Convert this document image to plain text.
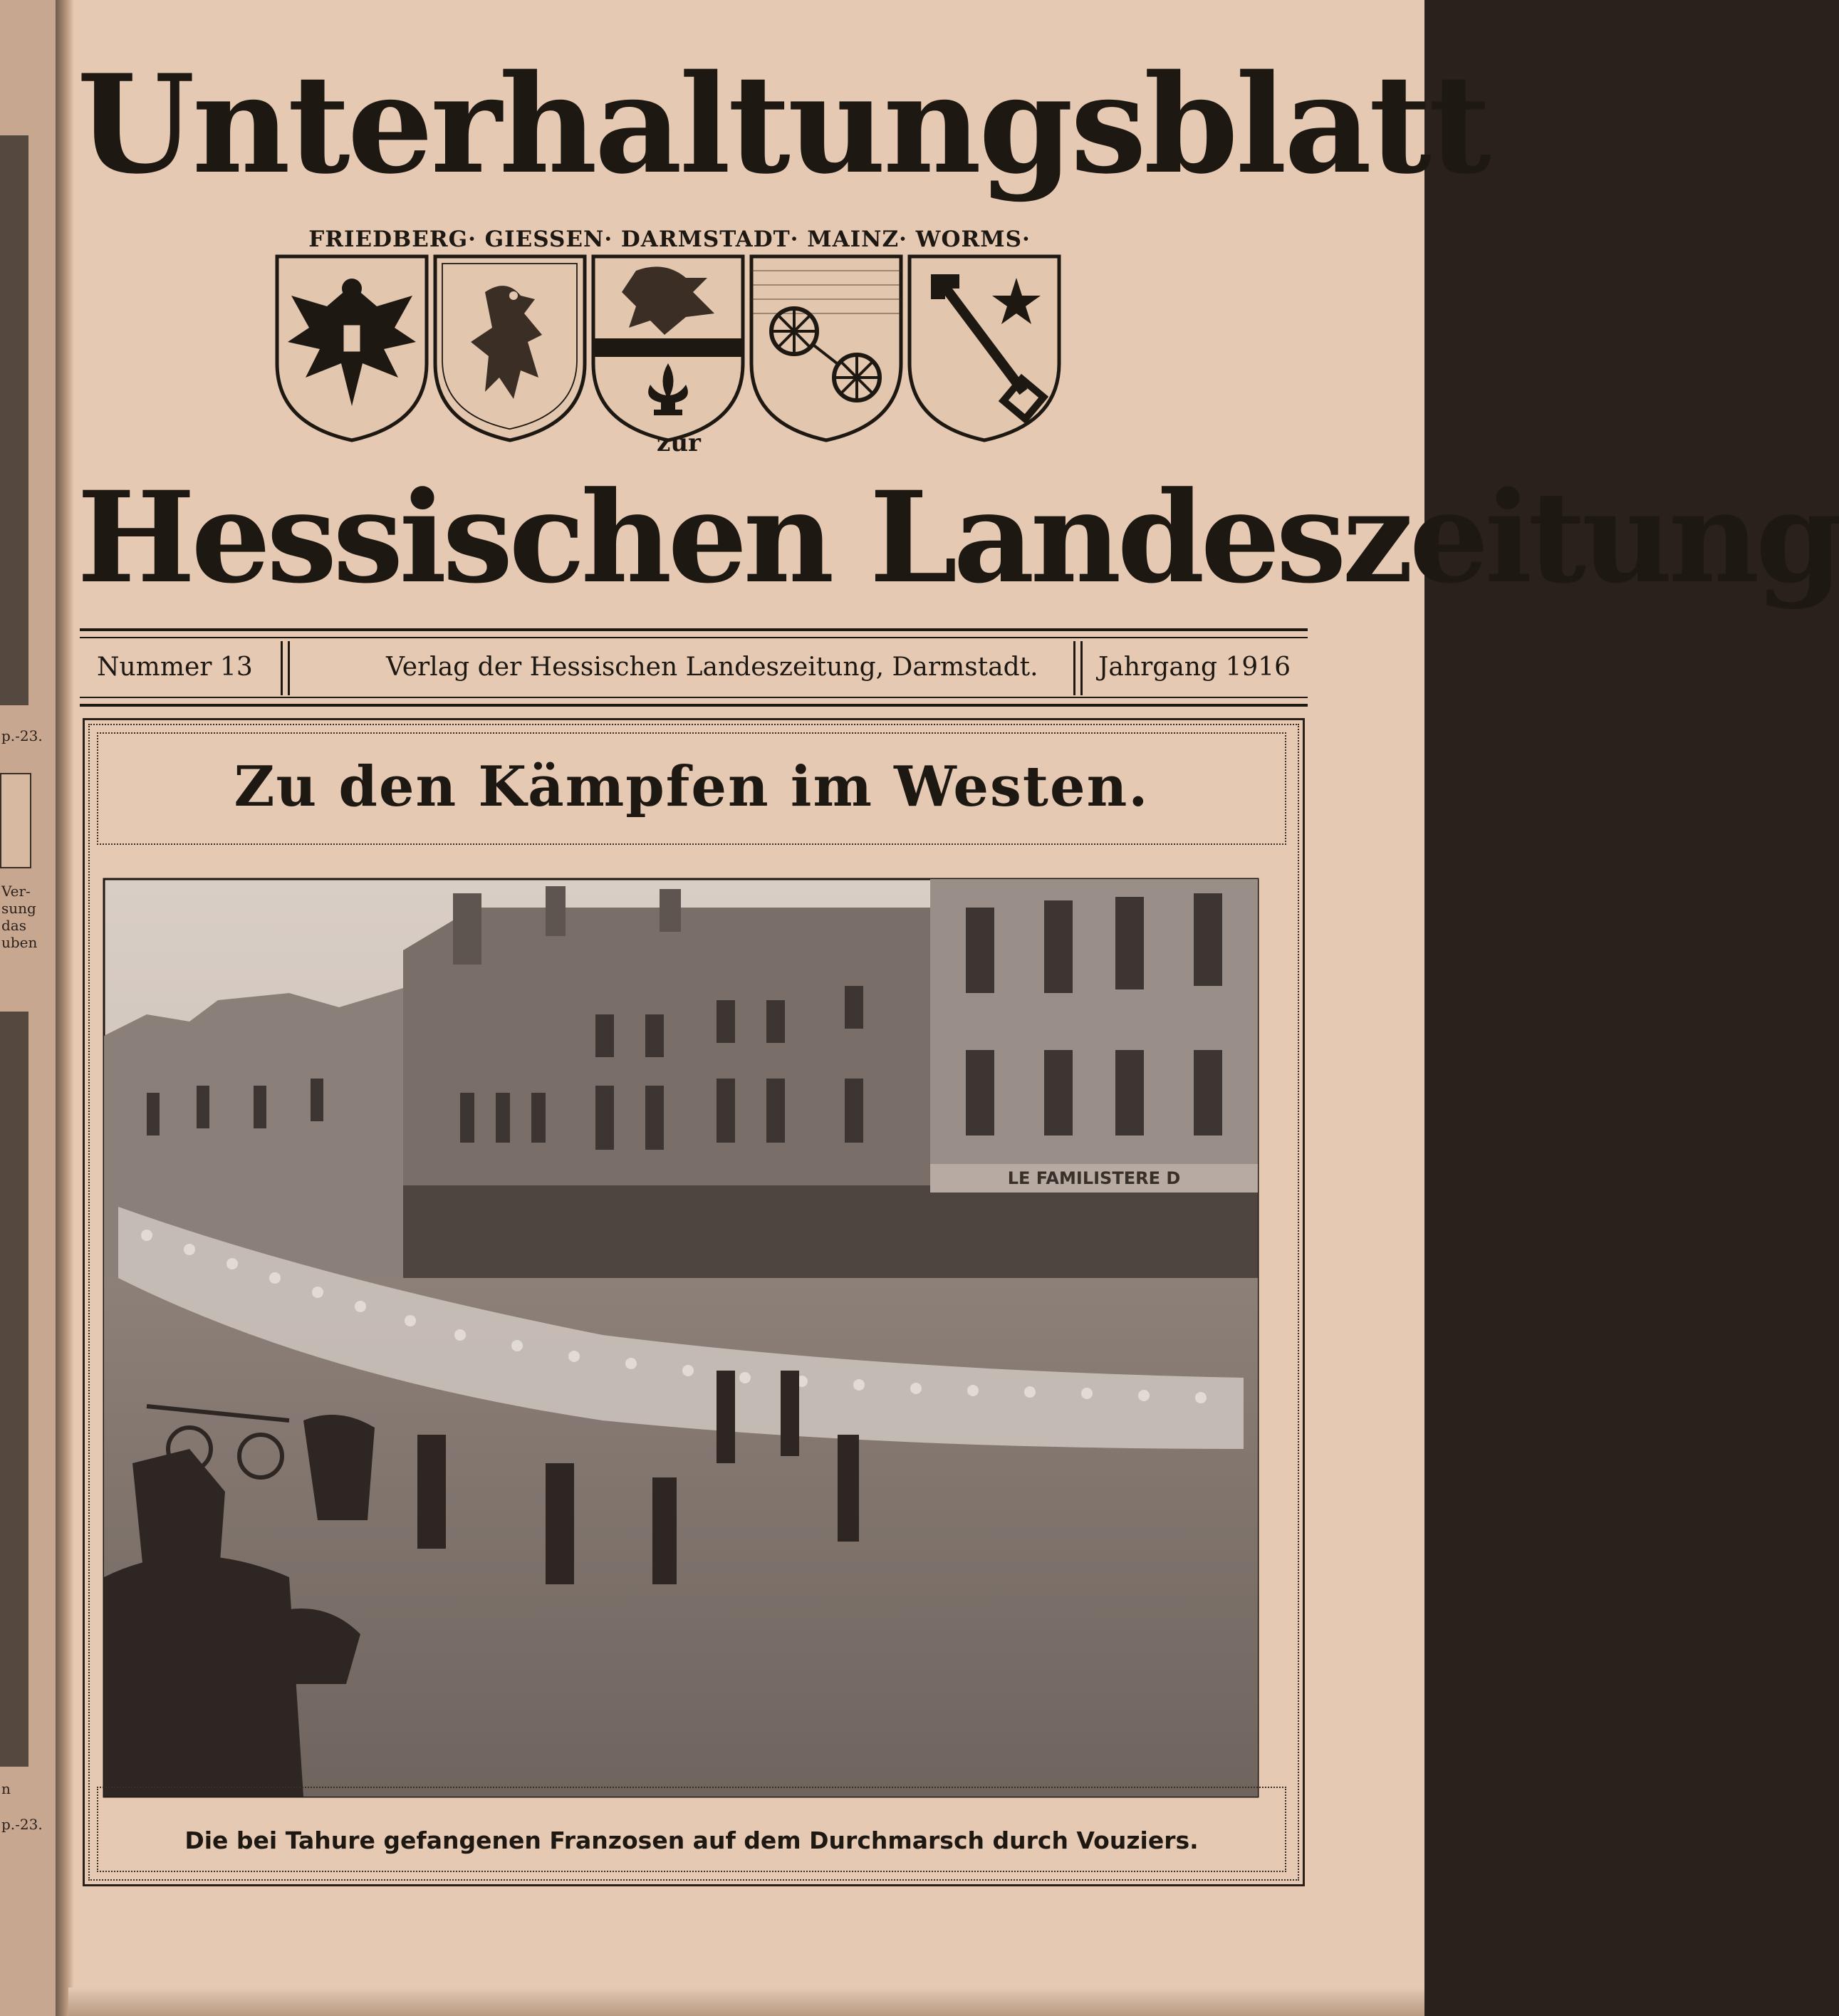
p.-23.
Ver-
sung
das
uben
n
p.-23.
Unterhaltungsblatt
FRIEDBERG· GIESSEN· DARMSTADT· MAINZ· WORMS·
zur
Hessischen Landeszeitung
Nummer 13	Verlag der Hessischen Landeszeitung, Darmstadt. Jahrgang 1916
Zu den Kämpfen im Westen.
LE FAMILISTERE D
Die bei Tahure gefangenen Franzosen auf dem Durchmarsch durch Vouziers.
